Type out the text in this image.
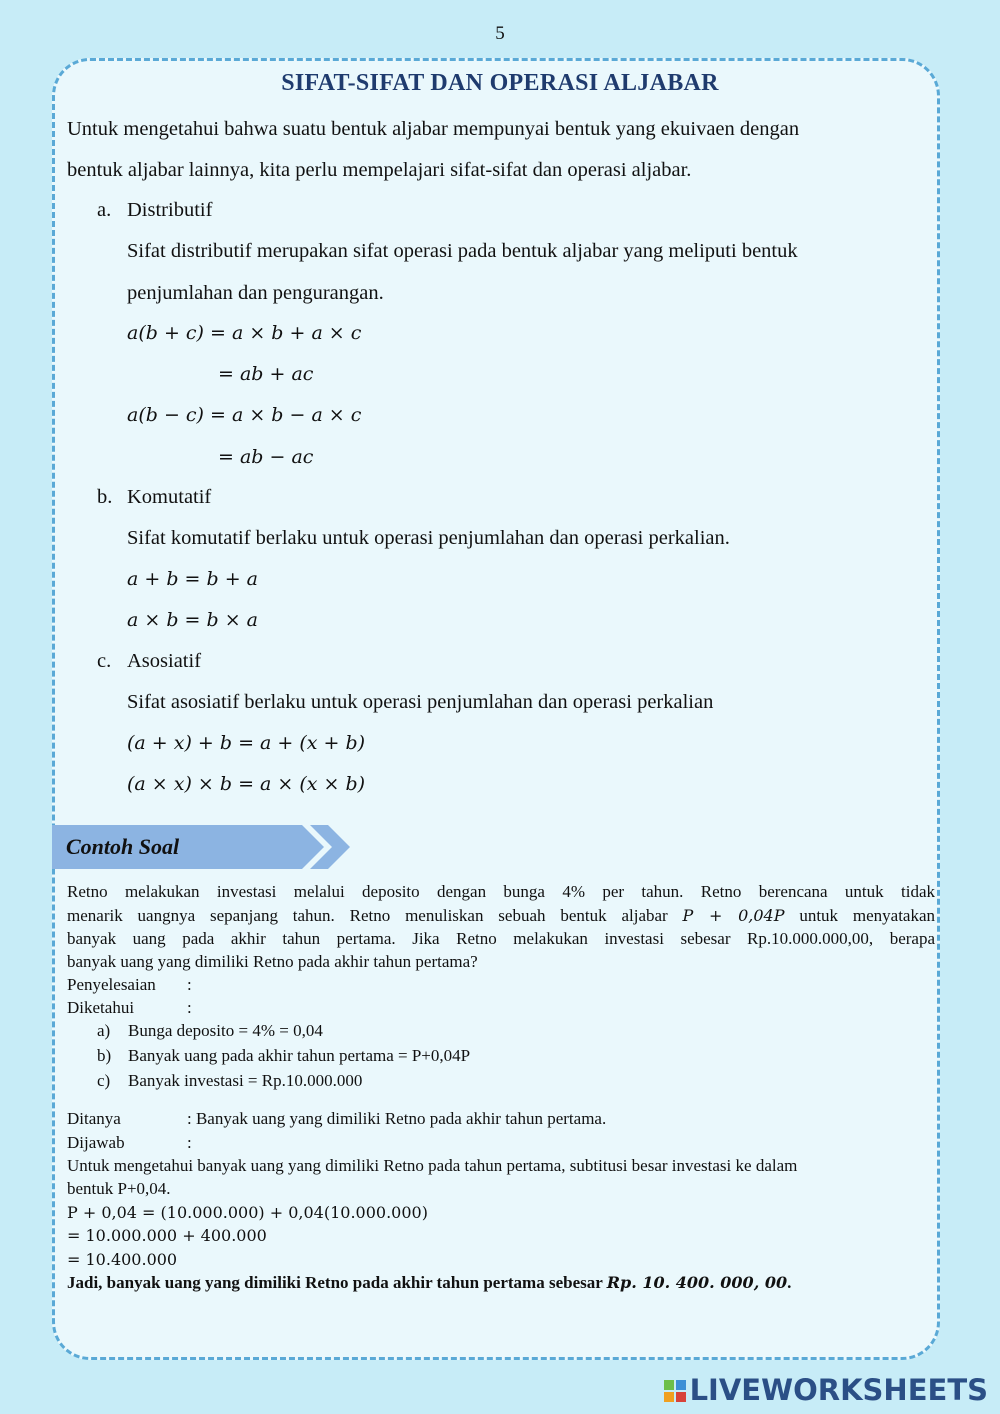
5
SIFAT-SIFAT DAN OPERASI ALJABAR
Untuk mengetahui bahwa suatu bentuk aljabar mempunyai bentuk yang ekuivaen dengan
bentuk aljabar lainnya, kita perlu mempelajari sifat-sifat dan operasi aljabar.
a. Distributif
Sifat distributif merupakan sifat operasi pada bentuk aljabar yang meliputi bentuk
penjumlahan dan pengurangan.
a(b + c) = a × b + a × c
= ab + ac
a(b − c) = a × b − a × c
= ab − ac
b. Komutatif
Sifat komutatif berlaku untuk operasi penjumlahan dan operasi perkalian.
a + b = b + a
a × b = b × a
c. Asosiatif
Sifat asosiatif berlaku untuk operasi penjumlahan dan operasi perkalian
(a + x) + b = a + (x + b)
(a × x) × b = a × (x × b)
Contoh Soal
Retno melakukan investasi melalui deposito dengan bunga 4% per tahun. Retno berencana untuk tidak
menarik uangnya sepanjang tahun. Retno menuliskan sebuah bentuk aljabar P + 0,04P untuk menyatakan
banyak uang pada akhir tahun pertama. Jika Retno melakukan investasi sebesar Rp.10.000.000,00, berapa
banyak uang yang dimiliki Retno pada akhir tahun pertama?
Penyelesaian :
Diketahui	:
a) Bunga deposito = 4% = 0,04
b) Banyak uang pada akhir tahun pertama = P+0,04P
c) Banyak investasi = Rp.10.000.000
Ditanya	: Banyak uang yang dimiliki Retno pada akhir tahun pertama.
Dijawab	:
Untuk mengetahui banyak uang yang dimiliki Retno pada tahun pertama, subtitusi besar investasi ke dalam
bentuk P+0,04.
P + 0,04 = (10.000.000) + 0,04(10.000.000)
= 10.000.000 + 400.000
= 10.400.000
Jadi, banyak uang yang dimiliki Retno pada akhir tahun pertama sebesar Rp. 10. 400. 000, 00.
LIVEWORKSHEETS
